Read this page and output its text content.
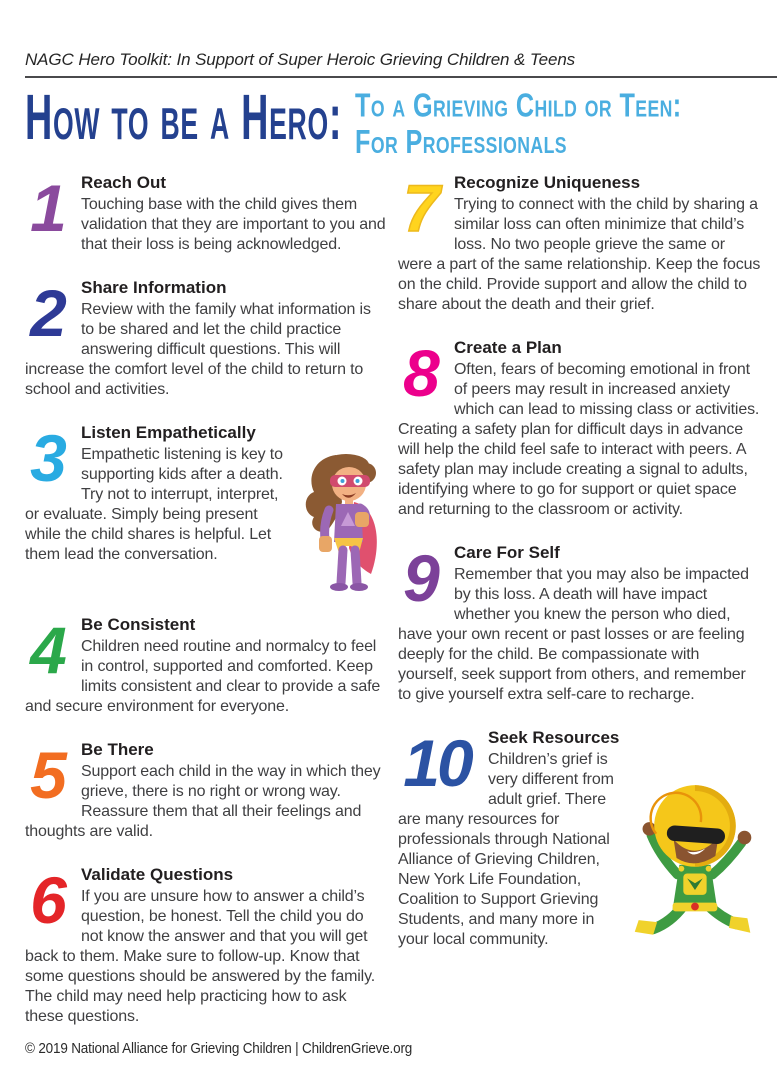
NAGC Hero Toolkit: In Support of Super Heroic Grieving Children & Teens
How to be a Hero: To a Grieving Child or Teen:
For Professionals
1	Reach Out

Touching base with the child gives them validation that they are important to you and that their loss is being acknowledged.

2	Share Information

Review with the family what information is to be shared and let the child practice answering difficult questions. This will increase the comfort level of the child to return to school and activities.

3	Listen Empathetically

Empathetic listening is key to supporting kids after a death. Try not to interrupt, interpret, or evaluate. Simply being present while the child shares is helpful. Let them lead the conversation.

4	Be Consistent

Children need routine and normalcy to feel in control, supported and comforted. Keep limits consistent and clear to provide a safe and secure environment for everyone.

5	Be There

Support each child in the way in which they grieve, there is no right or wrong way. Reassure them that all their feelings and thoughts are valid.

6	Validate Questions

If you are unsure how to answer a child’s question, be honest. Tell the child you do not know the answer and that you will get back to them. Make sure to follow-up. Know that some questions should be answered by the family. The child may need help practicing how to ask these questions.

7	Recognize Uniqueness

Trying to connect with the child by sharing a similar loss can often minimize that child’s loss. No two people grieve the same or were a part of the same relationship. Keep the focus on the child. Provide support and allow the child to share about the death and their grief.

8	Create a Plan

Often, fears of becoming emotional in front of peers may result in increased anxiety which can lead to missing class or activities. Creating a safety plan for difficult days in advance will help the child feel safe to interact with peers. A safety plan may include creating a signal to adults, identifying where to go for support or quiet space and returning to the classroom or activity.

9	Care For Self

Remember that you may also be impacted by this loss. A death will have impact whether you knew the person who died, have your own recent or past losses or are feeling deeply for the child. Be compassionate with yourself, seek support from others, and remember to give yourself extra self-care to recharge.

10	Seek Resources

Children’s grief is very different from adult grief. There are many resources for professionals through National Alliance of Grieving Children, New York Life Foundation, Coalition to Support Grieving Students, and many more in your local community.

© 2019 National Alliance for Grieving Children | ChildrenGrieve.org
